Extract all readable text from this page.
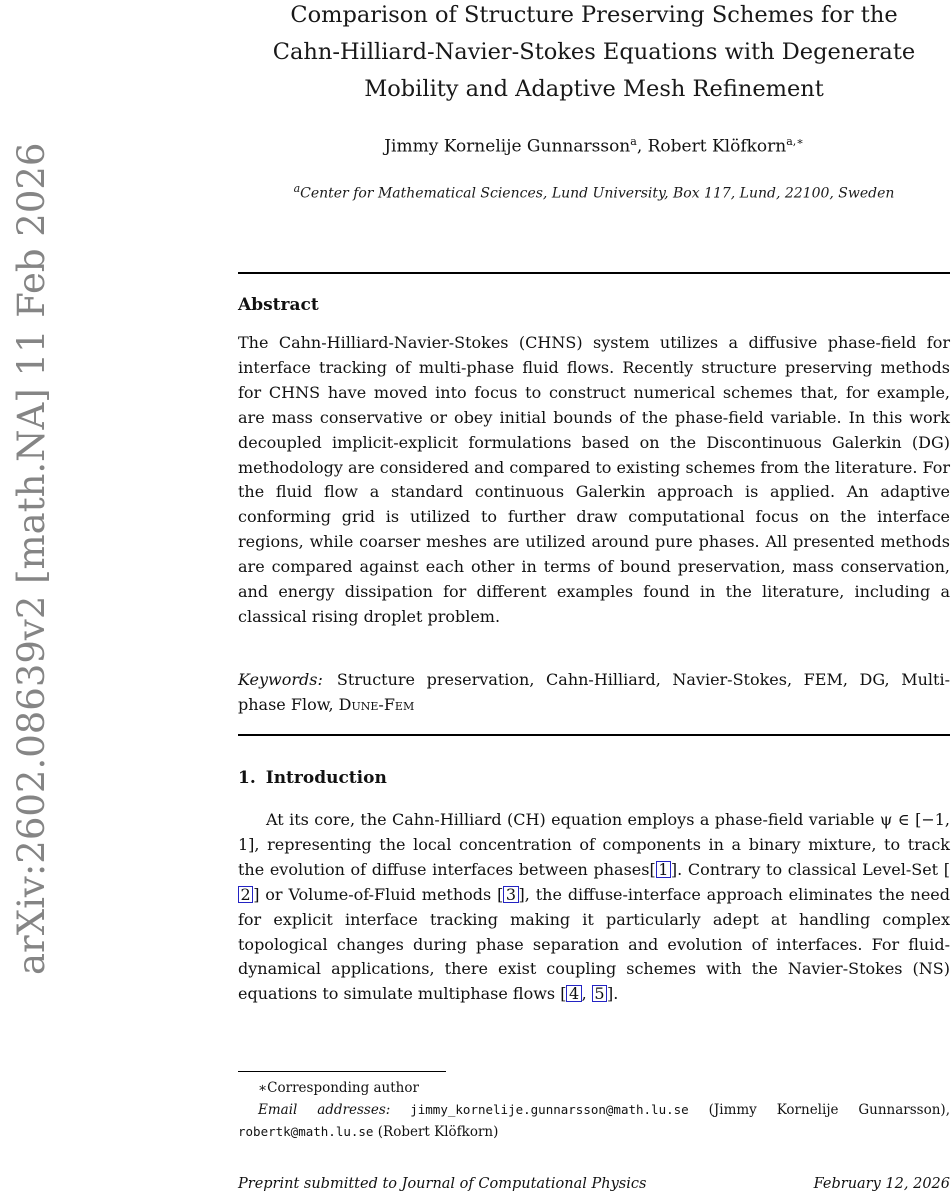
arXiv:2602.08639v2 [math.NA] 11 Feb 2026
Comparison of Structure Preserving Schemes for the
Cahn-Hilliard-Navier-Stokes Equations with Degenerate
Mobility and Adaptive Mesh Refinement
Jimmy Kornelije Gunnarsson$^a$, Robert Klöfkorn$^{a,∗}$
$^a$Center for Mathematical Sciences, Lund University, Box 117, Lund, 22100, Sweden
Abstract
The Cahn-Hilliard-Navier-Stokes (CHNS) system utilizes a diffusive phase-field for interface tracking of multi-phase fluid flows. Recently structure preserving methods for CHNS have moved into focus to construct numerical schemes that, for example, are mass conservative or obey initial bounds of the phase-field variable. In this work decoupled implicit-explicit formulations based on the Discontinuous Galerkin (DG) methodology are considered and compared to existing schemes from the literature. For the fluid flow a standard continuous Galerkin approach is applied. An adaptive conforming grid is utilized to further draw computational focus on the interface regions, while coarser meshes are utilized around pure phases. All presented methods are compared against each other in terms of bound preservation, mass conservation, and energy dissipation for different examples found in the literature, including a classical rising droplet problem.
Keywords: Structure preservation, Cahn-Hilliard, Navier-Stokes, FEM, DG, Multi-phase Flow, Dune-Fem
1. Introduction
At its core, the Cahn-Hilliard (CH) equation employs a phase-field variable ψ ∈ [−1, 1], representing the local concentration of components in a binary mixture, to track the evolution of diffuse interfaces between phases[ 1 ]. Contrary to classical Level-Set [2 ] or Volume-of-Fluid methods [ 3 ], the diffuse-interface approach eliminates the need for explicit interface tracking making it particularly adept at handling complex topological changes during phase separation and evolution of interfaces. For fluid-dynamical applications, there exist coupling schemes with the Navier-Stokes (NS) equations to simulate multiphase flows [ 4 , 5 ].

∗Corresponding author

Email addresses: jimmy_kornelije.gunnarsson@math.lu.se (Jimmy Kornelije Gunnarsson), robertk@math.lu.se (Robert Klöfkorn)

Preprint submitted to Journal of Computational Physics	February 12, 2026
